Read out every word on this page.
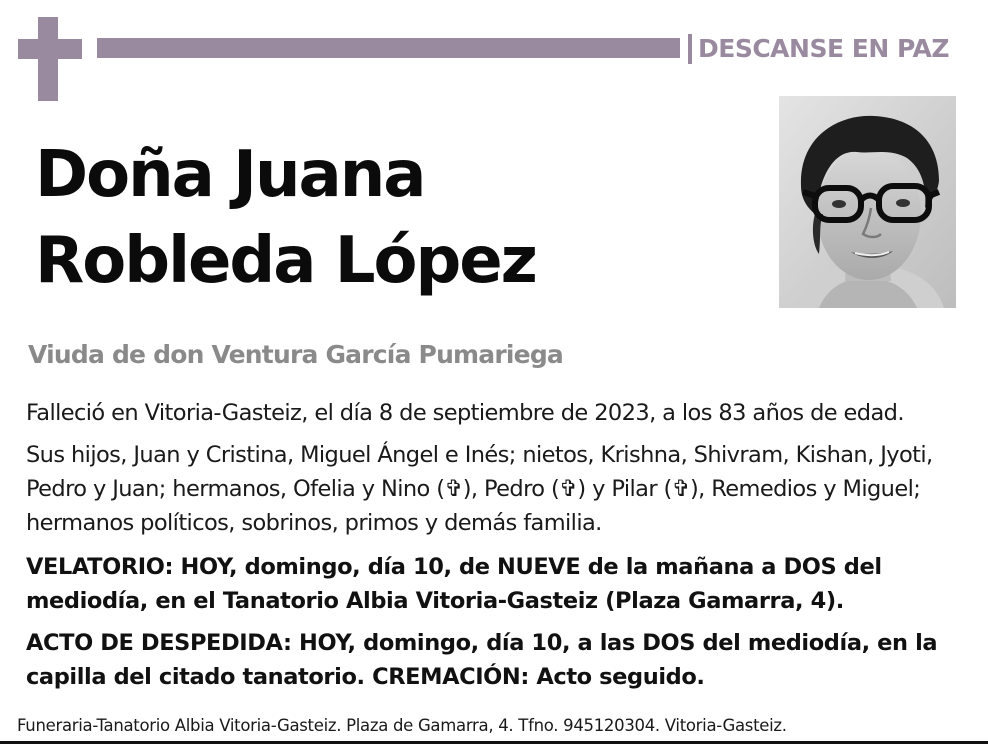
DESCANSE EN PAZ
Doña Juana
Robleda López
Viuda de don Ventura García Pumariega
Falleció en Vitoria-Gasteiz, el día 8 de septiembre de 2023, a los 83 años de edad.
Sus hijos, Juan y Cristina, Miguel Ángel e Inés; nietos, Krishna, Shivram, Kishan, Jyoti, Pedro y Juan; hermanos, Ofelia y Nino (✞), Pedro (✞) y Pilar (✞), Remedios y Miguel; hermanos políticos, sobrinos, primos y demás familia.
VELATORIO: HOY, domingo, día 10, de NUEVE de la mañana a DOS del mediodía, en el Tanatorio Albia Vitoria-Gasteiz (Plaza Gamarra, 4).
ACTO DE DESPEDIDA: HOY, domingo, día 10, a las DOS del mediodía, en la capilla del citado tanatorio. CREMACIÓN: Acto seguido.
Funeraria-Tanatorio Albia Vitoria-Gasteiz. Plaza de Gamarra, 4. Tfno. 945120304. Vitoria-Gasteiz.
